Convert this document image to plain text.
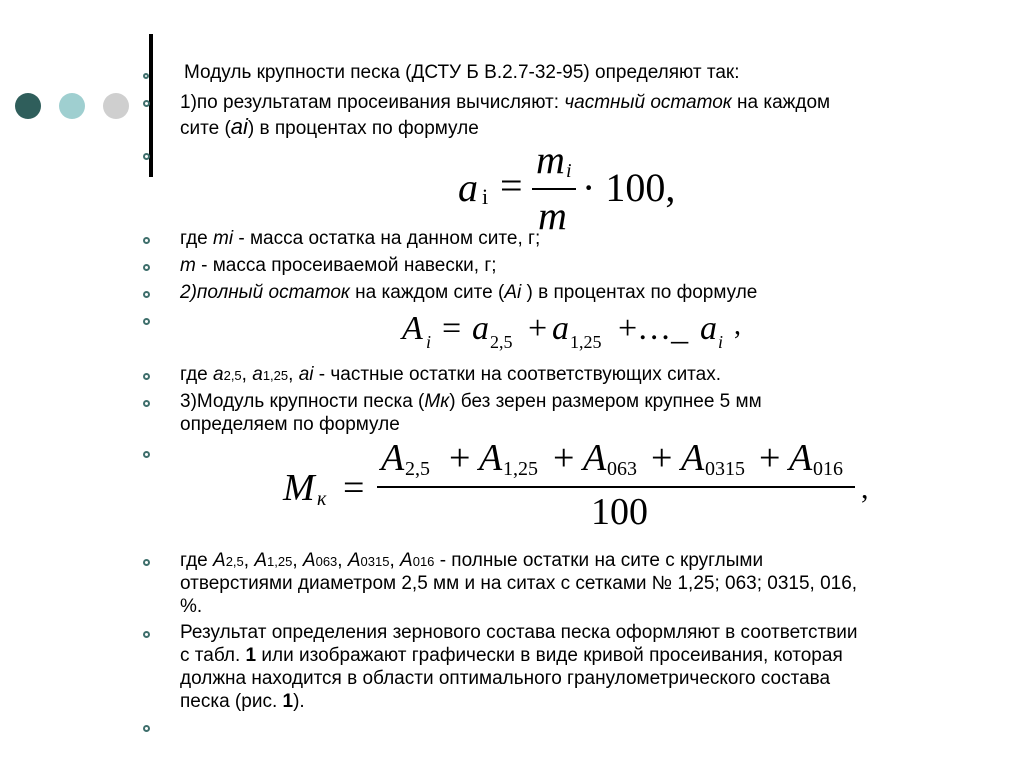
Модуль крупности песка (ДСТУ Б В.2.7-32-95) определяют так:
1)по результатам просеивания вычисляют: частный остаток на каждом
сите (ai) в процентах по формуле
a i =
m i
m
· 100,
где mi - масса остатка на данном сите, г;
m - масса просеиваемой навески, г;
2)полный остаток на каждом сите (Ai ) в процентах по формуле
A i = a 2,5 + a 1,25 +…_ a i
,
где a2,5, a1,25, ai - частные остатки на соответствующих ситах.
3)Модуль крупности песка (Мк) без зерен размером крупнее 5 мм
определяем по формуле
M к =
A 2,5 + A 1,25 + A 063 + A 0315 + A 016
100
,
где А2,5, А1,25, А063, А0315, А016 - полные остатки на сите с круглыми
отверстиями диаметром 2,5 мм и на ситах с сетками № 1,25; 063; 0315, 016,
%.
Результат определения зернового состава песка оформляют в соответствии
с табл. 1 или изображают графически в виде кривой просеивания, которая
должна находится в области оптимального гранулометрического состава
песка (рис. 1).
